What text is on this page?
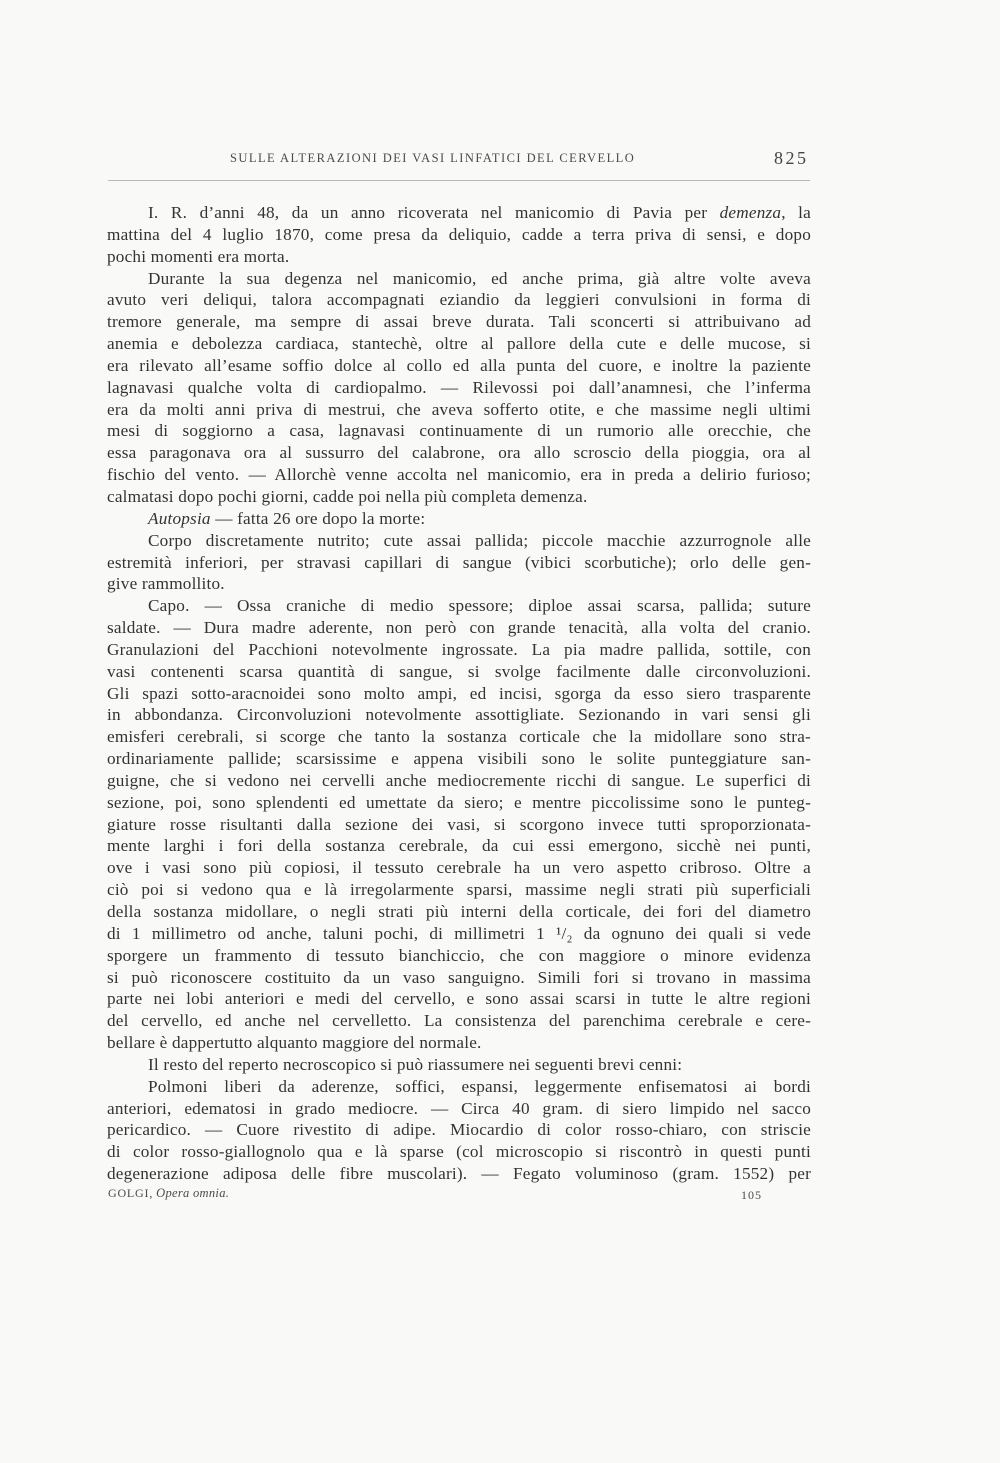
SULLE ALTERAZIONI DEI VASI LINFATICI DEL CERVELLO	825
I. R. d’anni 48, da un anno ricoverata nel manicomio di Pavia per demenza, la
mattina del 4 luglio 1870, come presa da deliquio, cadde a terra priva di sensi, e dopo
pochi momenti era morta.
Durante la sua degenza nel manicomio, ed anche prima, già altre volte aveva
avuto veri deliqui, talora accompagnati eziandio da leggieri convulsioni in forma di
tremore generale, ma sempre di assai breve durata. Tali sconcerti si attribuivano ad
anemia e debolezza cardiaca, stantechè, oltre al pallore della cute e delle mucose, si
era rilevato all’esame soffio dolce al collo ed alla punta del cuore, e inoltre la paziente
lagnavasi qualche volta di cardiopalmo. — Rilevossi poi dall’anamnesi, che l’inferma
era da molti anni priva di mestrui, che aveva sofferto otite, e che massime negli ultimi
mesi di soggiorno a casa, lagnavasi continuamente di un rumorio alle orecchie, che
essa paragonava ora al sussurro del calabrone, ora allo scroscio della pioggia, ora al
fischio del vento. — Allorchè venne accolta nel manicomio, era in preda a delirio furioso;
calmatasi dopo pochi giorni, cadde poi nella più completa demenza.
Autopsia — fatta 26 ore dopo la morte:
Corpo discretamente nutrito; cute assai pallida; piccole macchie azzurrognole alle
estremità inferiori, per stravasi capillari di sangue (vibici scorbutiche); orlo delle gen-
give rammollito.
Capo. — Ossa craniche di medio spessore; diploe assai scarsa, pallida; suture
saldate. — Dura madre aderente, non però con grande tenacità, alla volta del cranio.
Granulazioni del Pacchioni notevolmente ingrossate. La pia madre pallida, sottile, con
vasi contenenti scarsa quantità di sangue, si svolge facilmente dalle circonvoluzioni.
Gli spazi sotto-aracnoidei sono molto ampi, ed incisi, sgorga da esso siero trasparente
in abbondanza. Circonvoluzioni notevolmente assottigliate. Sezionando in vari sensi gli
emisferi cerebrali, si scorge che tanto la sostanza corticale che la midollare sono stra-
ordinariamente pallide; scarsissime e appena visibili sono le solite punteggiature san-
guigne, che si vedono nei cervelli anche mediocremente ricchi di sangue. Le superfici di
sezione, poi, sono splendenti ed umettate da siero; e mentre piccolissime sono le punteg-
giature rosse risultanti dalla sezione dei vasi, si scorgono invece tutti sproporzionata-
mente larghi i fori della sostanza cerebrale, da cui essi emergono, sicchè nei punti,
ove i vasi sono più copiosi, il tessuto cerebrale ha un vero aspetto cribroso. Oltre a
ciò poi si vedono qua e là irregolarmente sparsi, massime negli strati più superficiali
della sostanza midollare, o negli strati più interni della corticale, dei fori del diametro
di 1 millimetro od anche, taluni pochi, di millimetri 1 ¹/₂ da ognuno dei quali si vede
sporgere un frammento di tessuto bianchiccio, che con maggiore o minore evidenza
si può riconoscere costituito da un vaso sanguigno. Simili fori si trovano in massima
parte nei lobi anteriori e medi del cervello, e sono assai scarsi in tutte le altre regioni
del cervello, ed anche nel cervelletto. La consistenza del parenchima cerebrale e cere-
bellare è dappertutto alquanto maggiore del normale.
Il resto del reperto necroscopico si può riassumere nei seguenti brevi cenni:
Polmoni liberi da aderenze, soffici, espansi, leggermente enfisematosi ai bordi
anteriori, edematosi in grado mediocre. — Circa 40 gram. di siero limpido nel sacco
pericardico. — Cuore rivestito di adipe. Miocardio di color rosso-chiaro, con striscie
di color rosso-giallognolo qua e là sparse (col microscopio si riscontrò in questi punti
degenerazione adiposa delle fibre muscolari). — Fegato voluminoso (gram. 1552) per
GOLGI, Opera omnia.	105
